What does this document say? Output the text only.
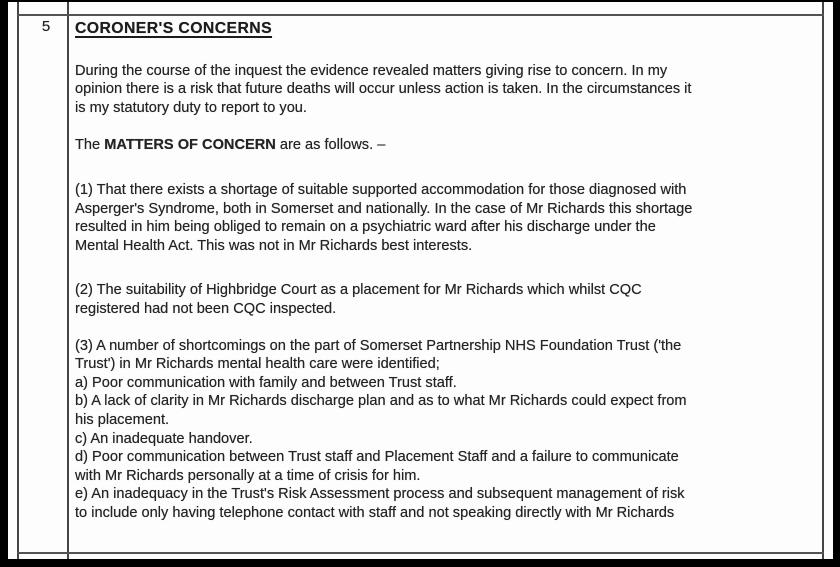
5	CORONER'S CONCERNS
During the course of the inquest the evidence revealed matters giving rise to concern. In my
opinion there is a risk that future deaths will occur unless action is taken. In the circumstances it
is my statutory duty to report to you.
The MATTERS OF CONCERN are as follows. –
(1) That there exists a shortage of suitable supported accommodation for those diagnosed with
Asperger's Syndrome, both in Somerset and nationally. In the case of Mr Richards this shortage
resulted in him being obliged to remain on a psychiatric ward after his discharge under the
Mental Health Act. This was not in Mr Richards best interests.
(2) The suitability of Highbridge Court as a placement for Mr Richards which whilst CQC
registered had not been CQC inspected.
(3) A number of shortcomings on the part of Somerset Partnership NHS Foundation Trust ('the
Trust') in Mr Richards mental health care were identified;
a) Poor communication with family and between Trust staff.
b) A lack of clarity in Mr Richards discharge plan and as to what Mr Richards could expect from
his placement.
c) An inadequate handover.
d) Poor communication between Trust staff and Placement Staff and a failure to communicate
with Mr Richards personally at a time of crisis for him.
e) An inadequacy in the Trust's Risk Assessment process and subsequent management of risk
to include only having telephone contact with staff and not speaking directly with Mr Richards
